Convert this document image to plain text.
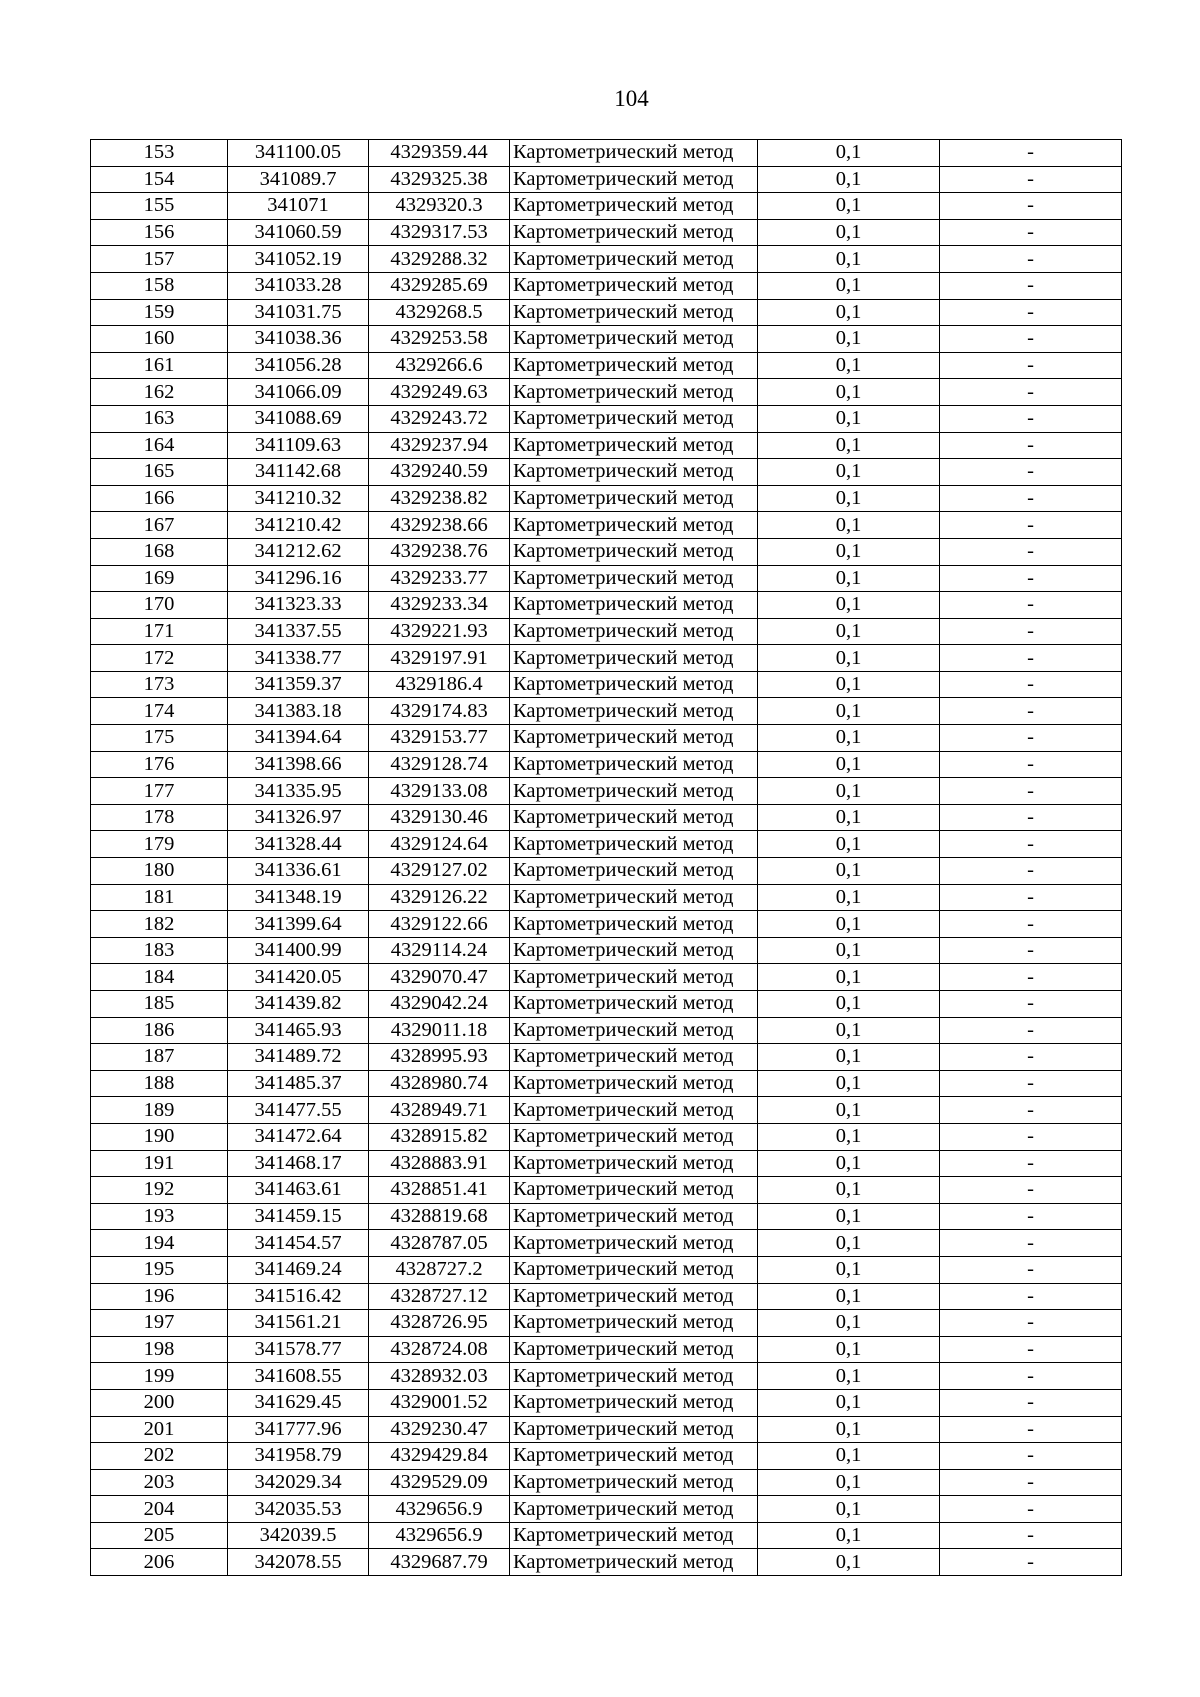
104
153	341100.05	4329359.44	Картометрический метод	0,1	-
154	341089.7	4329325.38	Картометрический метод	0,1	-
155	341071	4329320.3	Картометрический метод	0,1	-
156	341060.59	4329317.53	Картометрический метод	0,1	-
157	341052.19	4329288.32	Картометрический метод	0,1	-
158	341033.28	4329285.69	Картометрический метод	0,1	-
159	341031.75	4329268.5	Картометрический метод	0,1	-
160	341038.36	4329253.58	Картометрический метод	0,1	-
161	341056.28	4329266.6	Картометрический метод	0,1	-
162	341066.09	4329249.63	Картометрический метод	0,1	-
163	341088.69	4329243.72	Картометрический метод	0,1	-
164	341109.63	4329237.94	Картометрический метод	0,1	-
165	341142.68	4329240.59	Картометрический метод	0,1	-
166	341210.32	4329238.82	Картометрический метод	0,1	-
167	341210.42	4329238.66	Картометрический метод	0,1	-
168	341212.62	4329238.76	Картометрический метод	0,1	-
169	341296.16	4329233.77	Картометрический метод	0,1	-
170	341323.33	4329233.34	Картометрический метод	0,1	-
171	341337.55	4329221.93	Картометрический метод	0,1	-
172	341338.77	4329197.91	Картометрический метод	0,1	-
173	341359.37	4329186.4	Картометрический метод	0,1	-
174	341383.18	4329174.83	Картометрический метод	0,1	-
175	341394.64	4329153.77	Картометрический метод	0,1	-
176	341398.66	4329128.74	Картометрический метод	0,1	-
177	341335.95	4329133.08	Картометрический метод	0,1	-
178	341326.97	4329130.46	Картометрический метод	0,1	-
179	341328.44	4329124.64	Картометрический метод	0,1	-
180	341336.61	4329127.02	Картометрический метод	0,1	-
181	341348.19	4329126.22	Картометрический метод	0,1	-
182	341399.64	4329122.66	Картометрический метод	0,1	-
183	341400.99	4329114.24	Картометрический метод	0,1	-
184	341420.05	4329070.47	Картометрический метод	0,1	-
185	341439.82	4329042.24	Картометрический метод	0,1	-
186	341465.93	4329011.18	Картометрический метод	0,1	-
187	341489.72	4328995.93	Картометрический метод	0,1	-
188	341485.37	4328980.74	Картометрический метод	0,1	-
189	341477.55	4328949.71	Картометрический метод	0,1	-
190	341472.64	4328915.82	Картометрический метод	0,1	-
191	341468.17	4328883.91	Картометрический метод	0,1	-
192	341463.61	4328851.41	Картометрический метод	0,1	-
193	341459.15	4328819.68	Картометрический метод	0,1	-
194	341454.57	4328787.05	Картометрический метод	0,1	-
195	341469.24	4328727.2	Картометрический метод	0,1	-
196	341516.42	4328727.12	Картометрический метод	0,1	-
197	341561.21	4328726.95	Картометрический метод	0,1	-
198	341578.77	4328724.08	Картометрический метод	0,1	-
199	341608.55	4328932.03	Картометрический метод	0,1	-
200	341629.45	4329001.52	Картометрический метод	0,1	-
201	341777.96	4329230.47	Картометрический метод	0,1	-
202	341958.79	4329429.84	Картометрический метод	0,1	-
203	342029.34	4329529.09	Картометрический метод	0,1	-
204	342035.53	4329656.9	Картометрический метод	0,1	-
205	342039.5	4329656.9	Картометрический метод	0,1	-
206	342078.55	4329687.79	Картометрический метод	0,1	-
